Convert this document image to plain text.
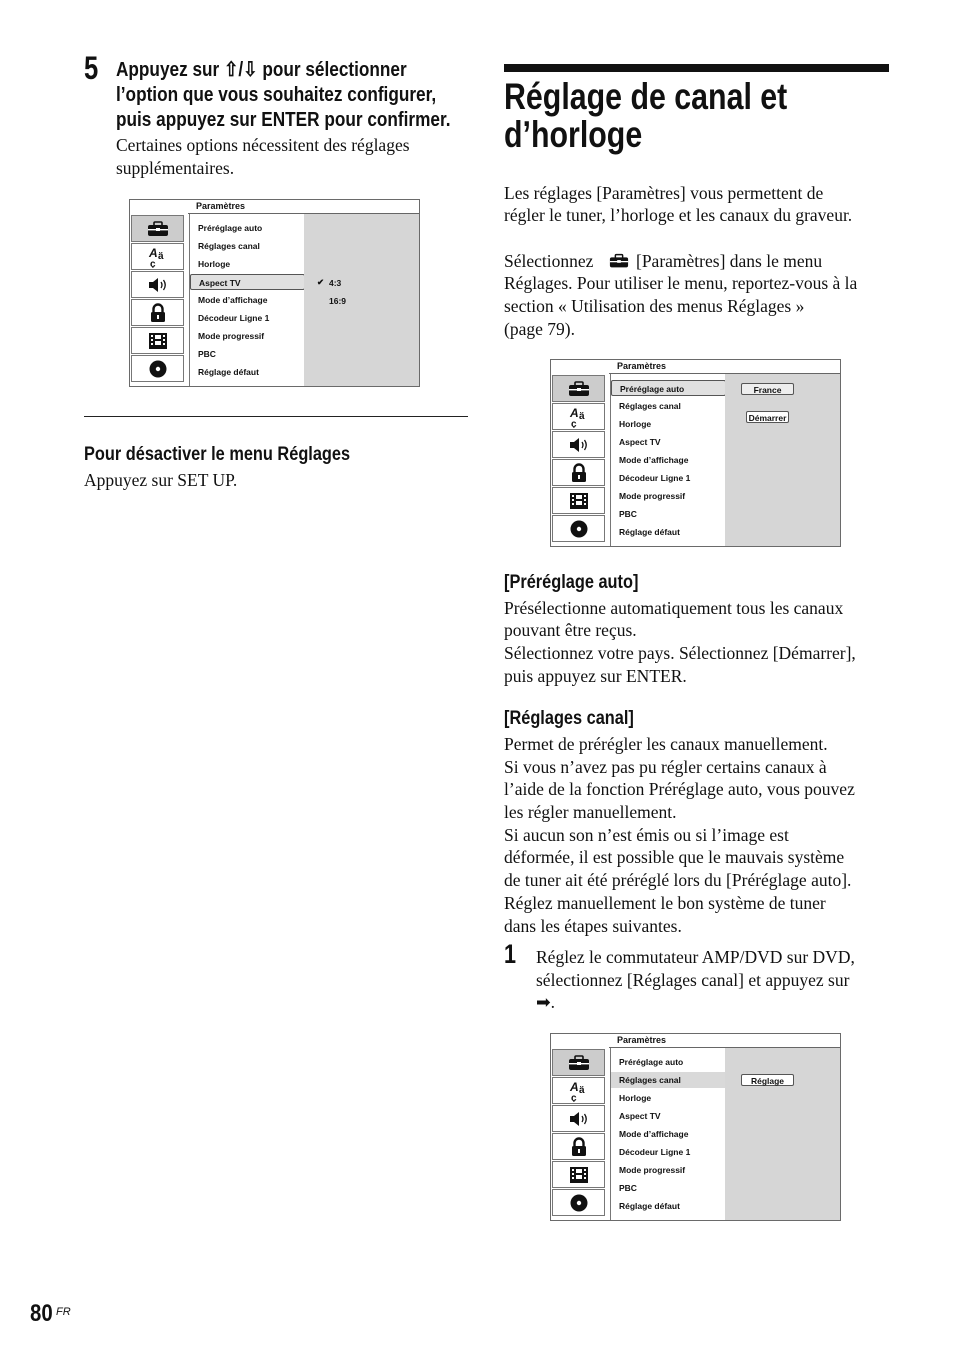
5 Appuyez sur ⇧/⇩ pour sélectionner
l’option que vous souhaitez configurer,
puis appuyez sur ENTER pour confirmer.
Certaines options nécessitent des réglages
supplémentaires.
Paramètres
A ä
ç
Préréglage auto
Réglages canal
Horloge
Aspect TV
Mode d’affichage
Décodeur Ligne 1
Mode progressif
PBC
Réglage défaut
✔ 4:3
16:9
Pour désactiver le menu Réglages
Appuyez sur SET UP.
Réglage de canal et
d’horloge
Les réglages [Paramètres] vous permettent de
régler le tuner, l’horloge et les canaux du graveur.
Sélectionnez [Paramètres] dans le menu
Réglages. Pour utiliser le menu, reportez-vous à la
section « Utilisation des menus Réglages »
(page 79).
Paramètres
A ä
ç
Préréglage auto
Réglages canal
Horloge
Aspect TV
Mode d’affichage
Décodeur Ligne 1
Mode progressif
PBC
Réglage défaut
France
Démarrer
[Préréglage auto]
Présélectionne automatiquement tous les canaux
pouvant être reçus.
Sélectionnez votre pays. Sélectionnez [Démarrer],
puis appuyez sur ENTER.
[Réglages canal]
Permet de prérégler les canaux manuellement.
Si vous n’avez pas pu régler certains canaux à
l’aide de la fonction Préréglage auto, vous pouvez
les régler manuellement.
Si aucun son n’est émis ou si l’image est
déformée, il est possible que le mauvais système
de tuner ait été préréglé lors du [Préréglage auto].
Réglez manuellement le bon système de tuner
dans les étapes suivantes.
1 Réglez le commutateur AMP/DVD sur DVD,
sélectionnez [Réglages canal] et appuyez sur
➡.
Paramètres
A ä
ç
Préréglage auto
Réglages canal
Horloge
Aspect TV
Mode d’affichage
Décodeur Ligne 1
Mode progressif
PBC
Réglage défaut
Réglage
80 FR
